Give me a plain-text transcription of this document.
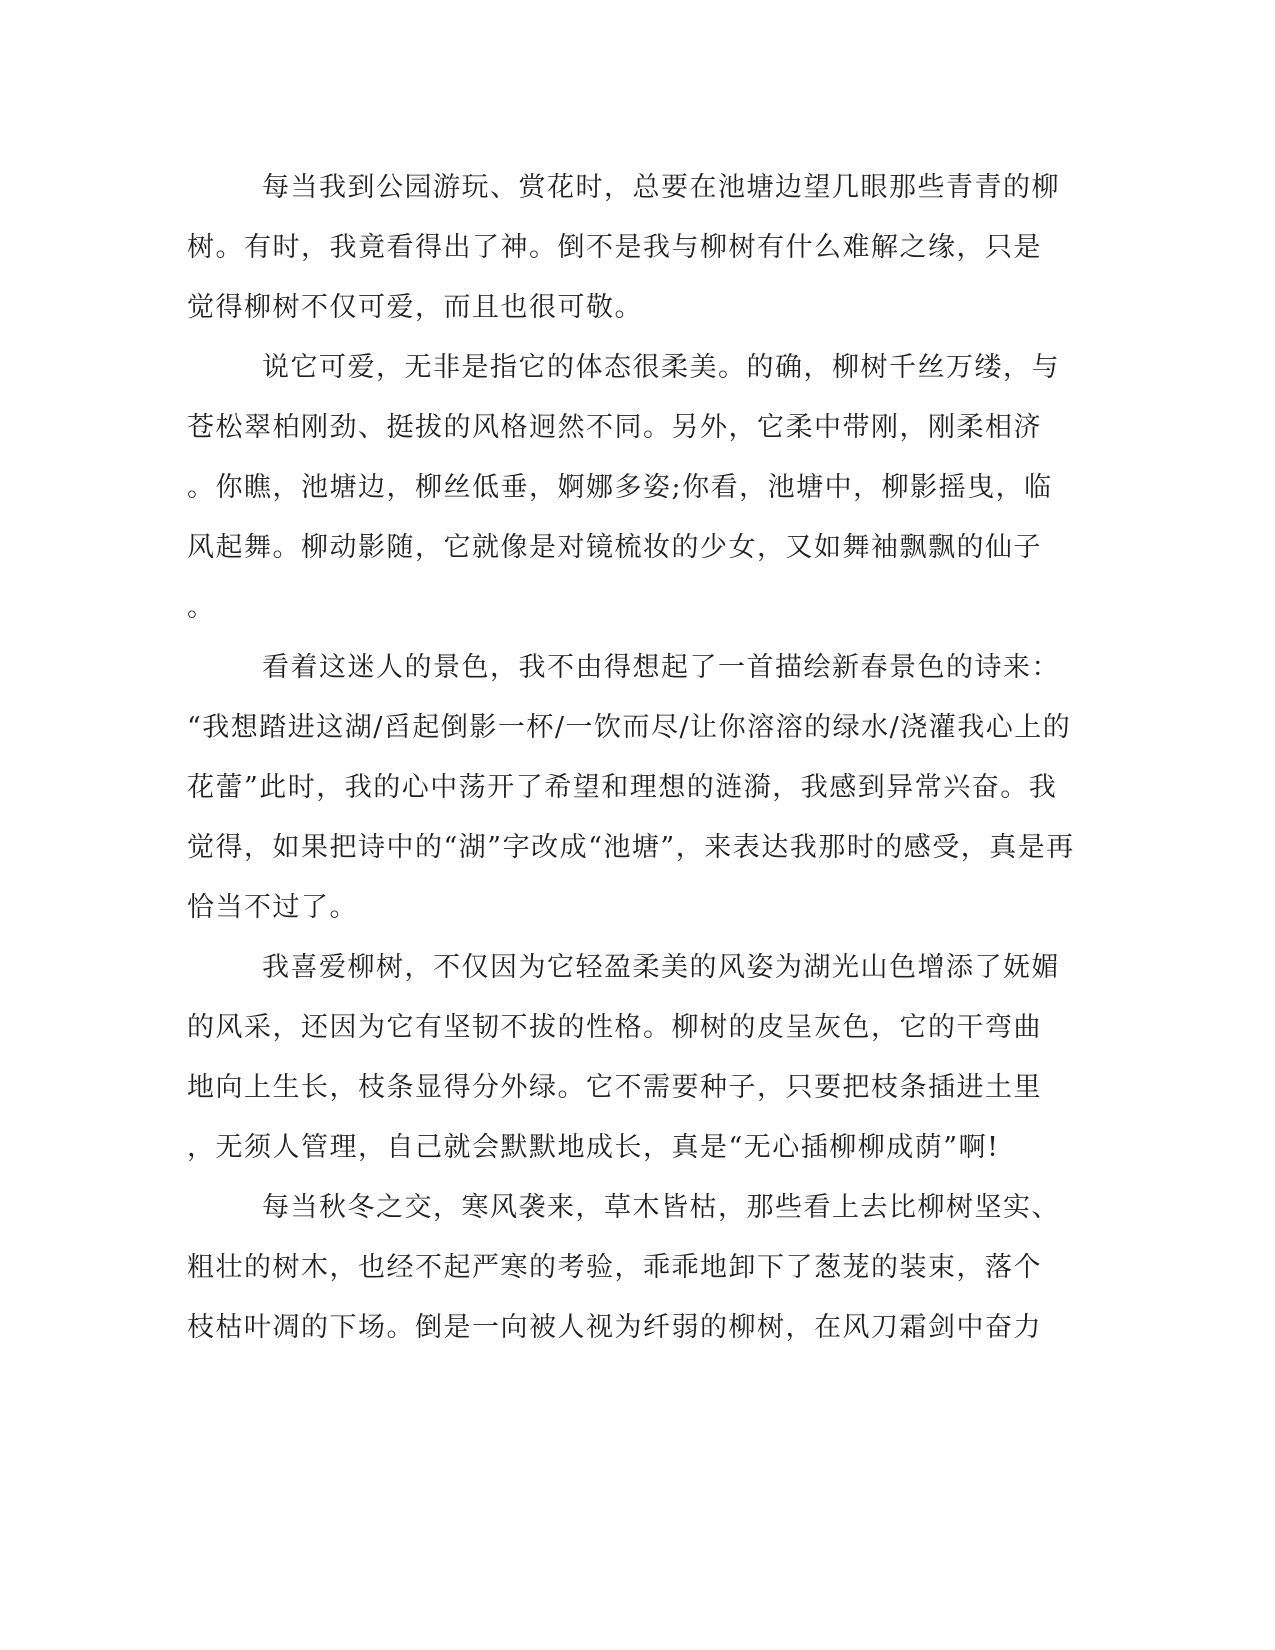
每当我到公园游玩、赏花时，总要在池塘边望几眼那些青青的柳
树。有时，我竟看得出了神。倒不是我与柳树有什么难解之缘，只是
觉得柳树不仅可爱，而且也很可敬。
说它可爱，无非是指它的体态很柔美。的确，柳树千丝万缕，与
苍松翠柏刚劲、挺拔的风格迥然不同。另外，它柔中带刚，刚柔相济
。你瞧，池塘边，柳丝低垂，婀娜多姿;你看，池塘中，柳影摇曳，临
风起舞。柳动影随，它就像是对镜梳妆的少女，又如舞袖飘飘的仙子
。
看着这迷人的景色，我不由得想起了一首描绘新春景色的诗来：
“我想踏进这湖/舀起倒影一杯/一饮而尽/让你溶溶的绿水/浇灌我心上的
花蕾”此时，我的心中荡开了希望和理想的涟漪，我感到异常兴奋。我
觉得，如果把诗中的“湖”字改成“池塘”，来表达我那时的感受，真是再
恰当不过了。
我喜爱柳树，不仅因为它轻盈柔美的风姿为湖光山色增添了妩媚
的风采，还因为它有坚韧不拔的性格。柳树的皮呈灰色，它的干弯曲
地向上生长，枝条显得分外绿。它不需要种子，只要把枝条插进土里
，无须人管理，自己就会默默地成长，真是“无心插柳柳成荫”啊!
每当秋冬之交，寒风袭来，草木皆枯，那些看上去比柳树坚实、
粗壮的树木，也经不起严寒的考验，乖乖地卸下了葱茏的装束，落个
枝枯叶凋的下场。倒是一向被人视为纤弱的柳树，在风刀霜剑中奋力
